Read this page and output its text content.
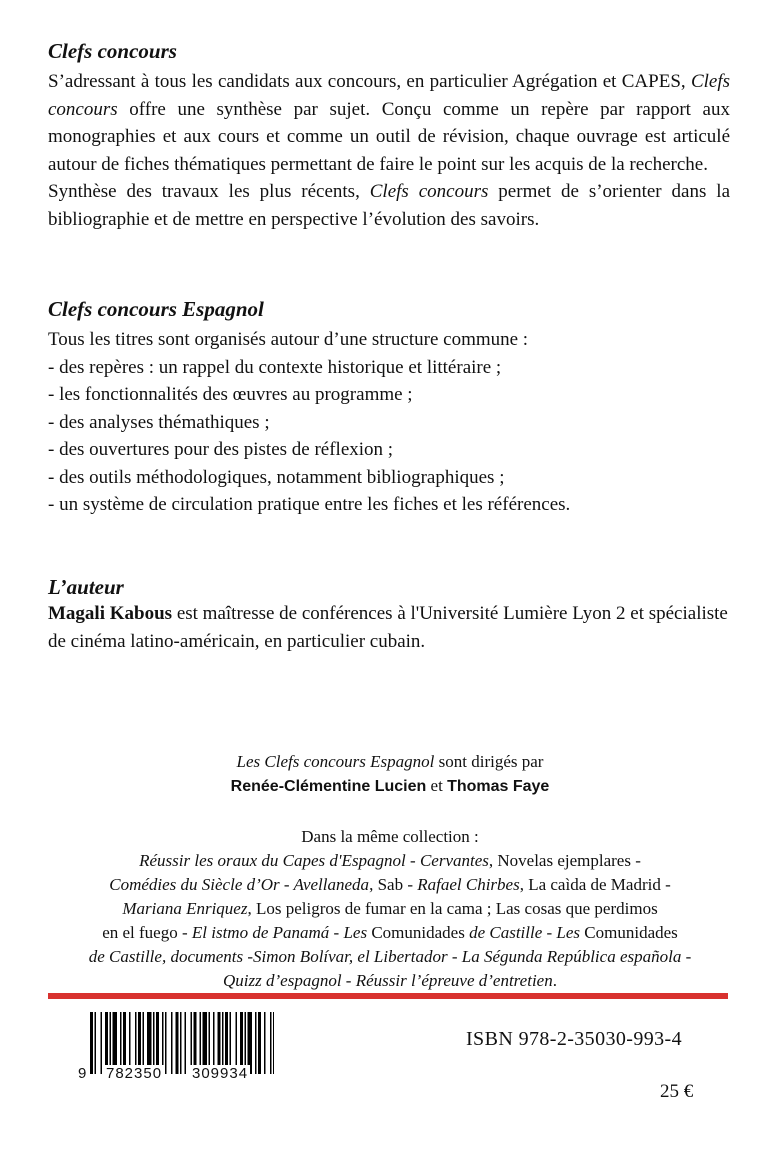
Clefs concours

S’adressant à tous les candidats aux concours, en particulier Agrégation et CAPES, Clefs concours offre une synthèse par sujet. Conçu comme un repère par rapport aux monographies et aux cours et comme un outil de révision, chaque ouvrage est articulé autour de fiches thématiques permettant de faire le point sur les acquis de la recherche.

Synthèse des travaux les plus récents, Clefs concours permet de s’orienter dans la bibliographie et de mettre en perspective l’évolution des savoirs.

Clefs concours Espagnol

Tous les titres sont organisés autour d’une structure commune :

- des repères : un rappel du contexte historique et littéraire ;
- les fonctionnalités des œuvres au programme ;
- des analyses thémathiques ;
- des ouvertures pour des pistes de réflexion ;
- des outils méthodologiques, notamment bibliographiques ;
- un système de circulation pratique entre les fiches et les références.

L’auteur

Magali Kabous est maîtresse de conférences à l'Université Lumière Lyon 2 et spécialiste de cinéma latino-américain, en particulier cubain.

Les Clefs concours Espagnol sont dirigés par
Renée-Clémentine Lucien et Thomas Faye
Dans la même collection :
Réussir les oraux du Capes d'Espagnol - Cervantes, Novelas ejemplares -
Comédies du Siècle d’Or - Avellaneda, Sab - Rafael Chirbes, La caìda de Madrid -
Mariana Enriquez, Los peligros de fumar en la cama ; Las cosas que perdimos
en el fuego - El istmo de Panamá - Les Comunidades de Castille - Les Comunidades
de Castille, documents -Simon Bolívar, el Libertador - La Ségunda República española -
Quizz d’espagnol - Réussir l’épreuve d’entretien.
9 782350 309934
ISBN 978-2-35030-993-4
25 €
